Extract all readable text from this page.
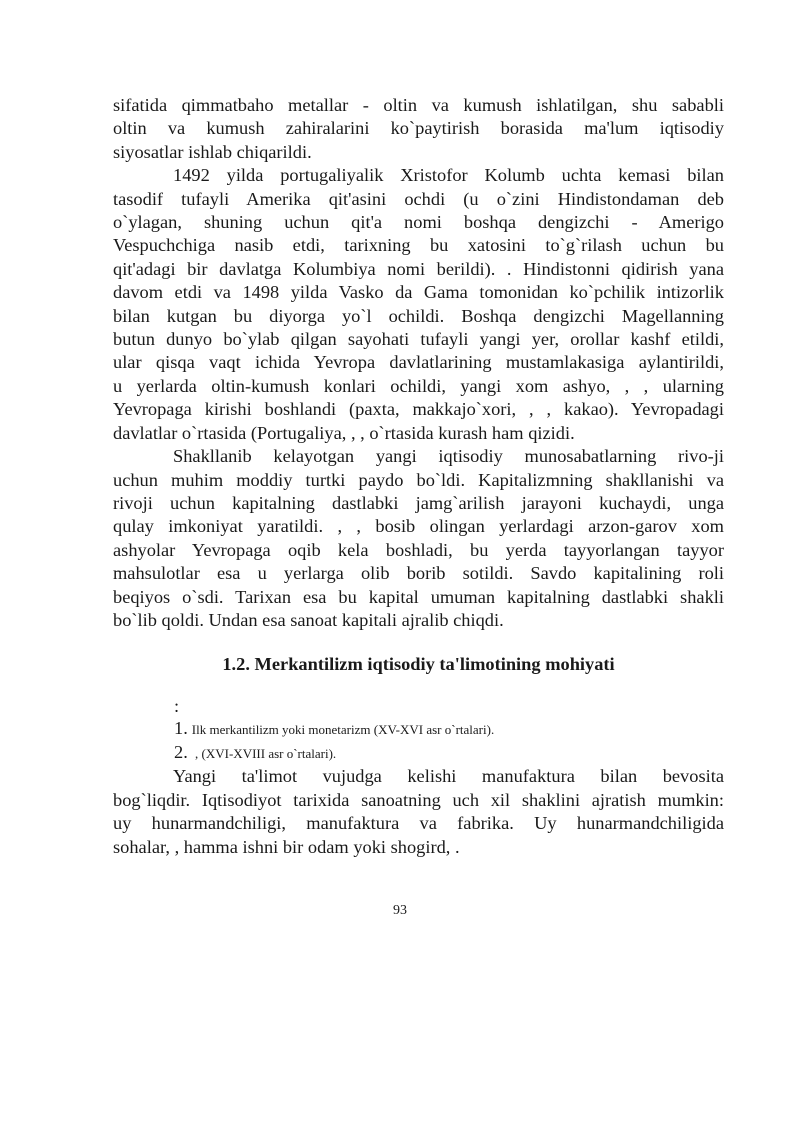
sifatida qimmatbaho metallar - oltin va kumush ishlatilgan, shu sababli
oltin va kumush zahiralarini ko`paytirish borasida ma'lum iqtisodiy
siyosatlar ishlab chiqarildi.

1492 yilda portugaliyalik Xristofor Kolumb uchta kemasi bilan
tasodif tufayli Amerika qit'asini ochdi (u o`zini Hindistondaman deb
o`ylagan, shuning uchun qit'a nomi boshqa dengizchi - Amerigo
Vespuchchiga nasib etdi, tarixning bu xatosini to`g`rilash uchun bu
qit'adagi bir davlatga Kolumbiya nomi berildi). . Hindistonni qidirish yana
davom etdi va 1498 yilda Vasko da Gama tomonidan ko`pchilik intizorlik
bilan kutgan bu diyorga yo`l ochildi. Boshqa dengizchi Magellanning
butun dunyo bo`ylab qilgan sayohati tufayli yangi yer, orollar kashf etildi,
ular qisqa vaqt ichida Yevropa davlatlarining mustamlakasiga aylantirildi,
u yerlarda oltin-kumush konlari ochildi, yangi xom ashyo, , , ularning
Yevropaga kirishi boshlandi (paxta, makkajo`xori, , , kakao). Yevropadagi
davlatlar o`rtasida (Portugaliya, , , o`rtasida kurash ham qizidi.

Shakllanib kelayotgan yangi iqtisodiy munosabatlarning rivo-ji
uchun muhim moddiy turtki paydo bo`ldi. Kapitalizmning shakllanishi va
rivoji uchun kapitalning dastlabki jamg`arilish jarayoni kuchaydi, unga
qulay imkoniyat yaratildi. , , bosib olingan yerlardagi arzon-garov xom
ashyolar Yevropaga oqib kela boshladi, bu yerda tayyorlangan tayyor
mahsulotlar esa u yerlarga olib borib sotildi. Savdo kapitalining roli
beqiyos o`sdi. Tarixan esa bu kapital umuman kapitalning dastlabki shakli
bo`lib qoldi. Undan esa sanoat kapitali ajralib chiqdi.

1.2. Merkantilizm iqtisodiy ta'limotining mohiyati
:
1. Ilk merkantilizm yoki monetarizm (XV-XVI asr o`rtalari).
2. , (XVI-XVIII asr o`rtalari).

Yangi ta'limot vujudga kelishi manufaktura bilan bevosita
bog`liqdir. Iqtisodiyot tarixida sanoatning uch xil shaklini ajratish mumkin:
uy hunarmandchiligi, manufaktura va fabrika. Uy hunarmandchiligida
sohalar, , hamma ishni bir odam yoki shogird, .

93
